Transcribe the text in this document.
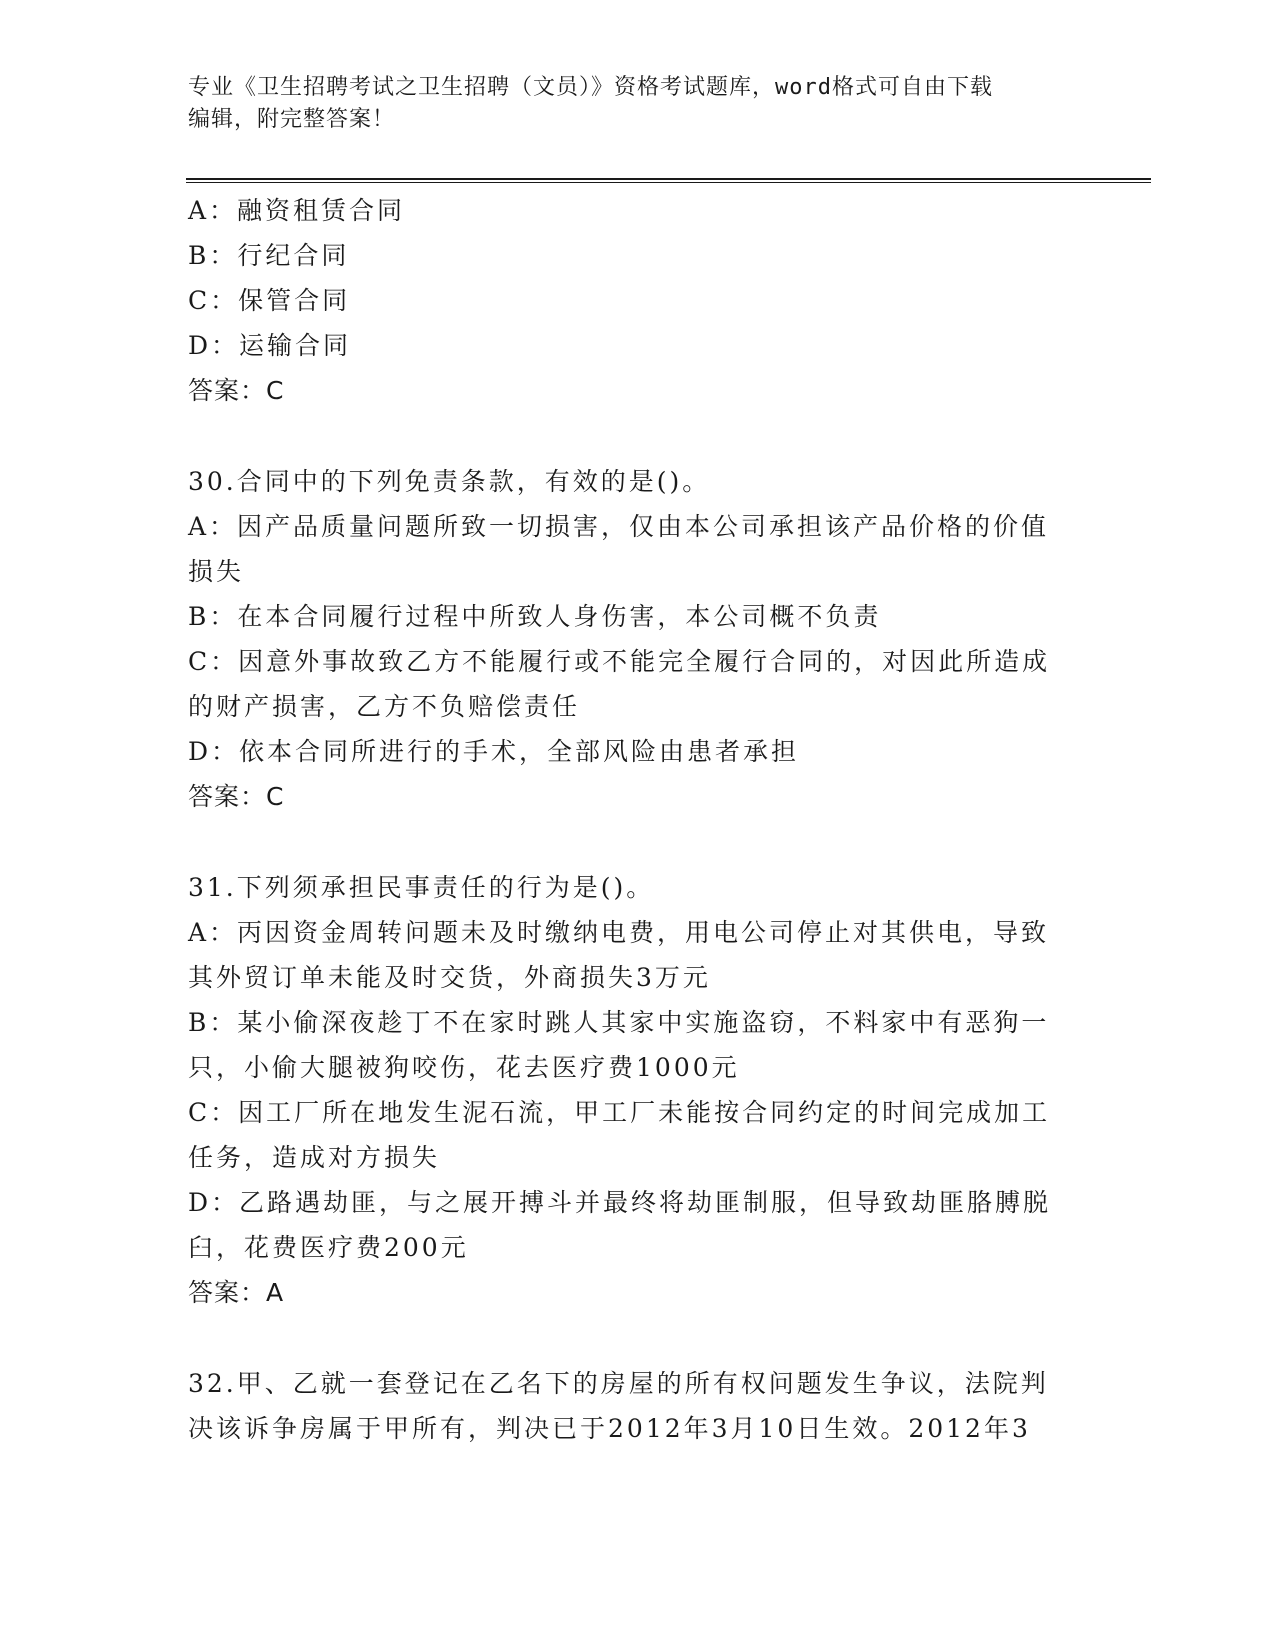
专业《卫生招聘考试之卫生招聘（文员）》资格考试题库，word格式可自由下载
编辑，附完整答案！

A：融资租赁合同

B：行纪合同

C：保管合同

D：运输合同

答案：C

30.合同中的下列免责条款，有效的是()。

A：因产品质量问题所致一切损害，仅由本公司承担该产品价格的价值

损失

B：在本合同履行过程中所致人身伤害，本公司概不负责

C：因意外事故致乙方不能履行或不能完全履行合同的，对因此所造成

的财产损害，乙方不负赔偿责任

D：依本合同所进行的手术，全部风险由患者承担

答案：C

31.下列须承担民事责任的行为是()。

A：丙因资金周转问题未及时缴纳电费，用电公司停止对其供电，导致

其外贸订单未能及时交货，外商损失3万元

B：某小偷深夜趁丁不在家时跳人其家中实施盗窃，不料家中有恶狗一

只，小偷大腿被狗咬伤，花去医疗费1000元

C：因工厂所在地发生泥石流，甲工厂未能按合同约定的时间完成加工

任务，造成对方损失

D：乙路遇劫匪，与之展开搏斗并最终将劫匪制服，但导致劫匪胳膊脱

臼，花费医疗费200元

答案：A

32.甲、乙就一套登记在乙名下的房屋的所有权问题发生争议，法院判

决该诉争房属于甲所有，判决已于2012年3月10日生效。2012年3
